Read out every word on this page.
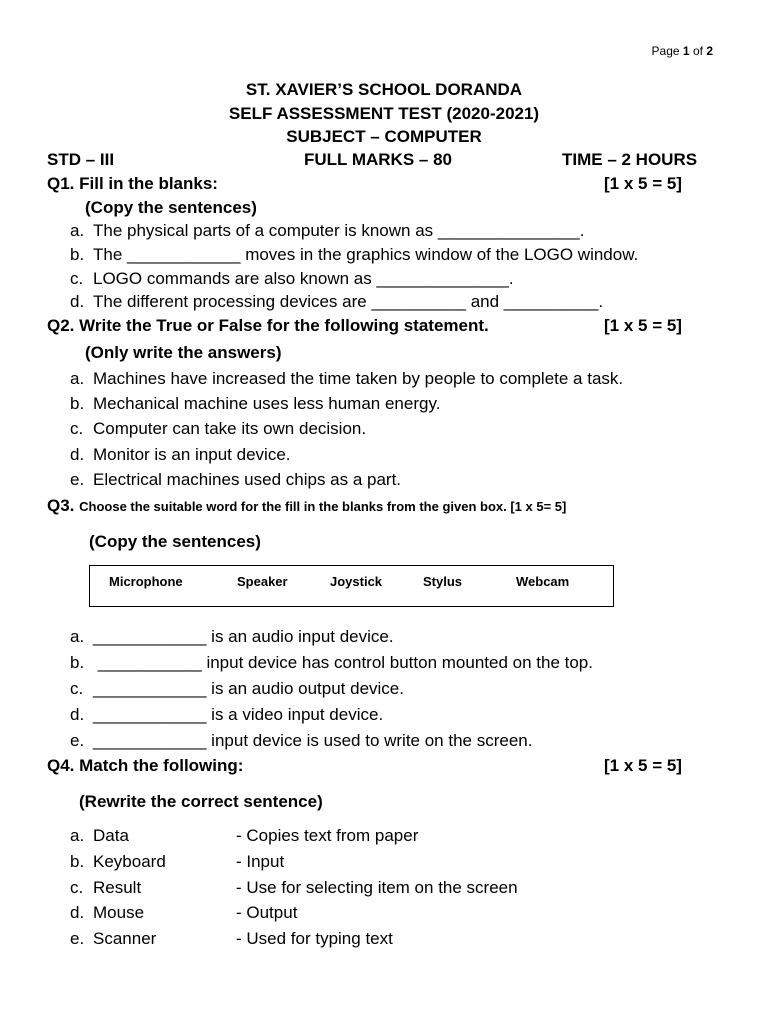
Page 1 of 2
ST. XAVIER’S SCHOOL DORANDA
SELF ASSESSMENT TEST (2020-2021)
SUBJECT – COMPUTER
STD – III	FULL MARKS – 80	TIME – 2 HOURS
Q1. Fill in the blanks:	[1 x 5 = 5]
(Copy the sentences)
a. The physical parts of a computer is known as _______________.
b. The ____________ moves in the graphics window of the LOGO window.
c. LOGO commands are also known as ______________.
d. The different processing devices are __________ and __________.
Q2. Write the True or False for the following statement.	[1 x 5 = 5]
(Only write the answers)
a. Machines have increased the time taken by people to complete a task.
b. Mechanical machine uses less human energy.
c. Computer can take its own decision.
d. Monitor is an input device.
e. Electrical machines used chips as a part.
Q3. Choose the suitable word for the fill in the blanks from the given box. [1 x 5= 5]
(Copy the sentences)
Microphone	Speaker	Joystick	Stylus	Webcam
a. ____________ is an audio input device.
b. ___________ input device has control button mounted on the top.
c. ____________ is an audio output device.
d. ____________ is a video input device.
e. ____________ input device is used to write on the screen.
Q4. Match the following:	[1 x 5 = 5]
(Rewrite the correct sentence)
a. Data	- Copies text from paper
b. Keyboard	- Input
c. Result	- Use for selecting item on the screen
d. Mouse	- Output
e. Scanner	- Used for typing text
